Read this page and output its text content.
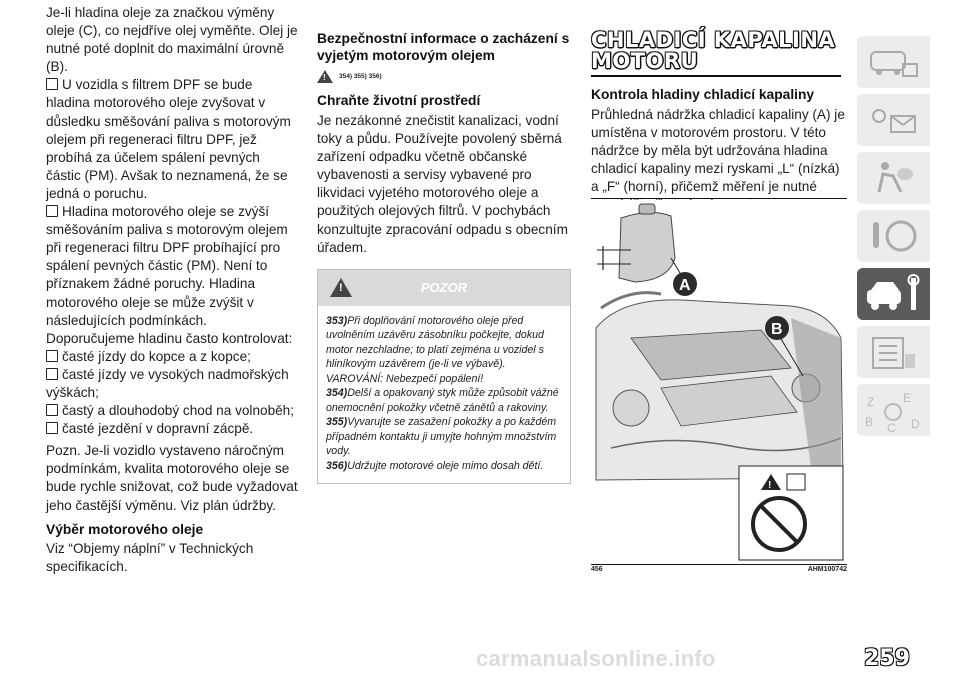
Je-li hladina oleje za značkou výměny oleje (C), co nejdříve olej vyměňte. Olej je nutné poté doplnit do maximální úrovně (B).

U vozidla s filtrem DPF se bude hladina motorového oleje zvyšovat v důsledku směšování paliva s motorovým olejem při regeneraci filtru DPF, jež probíhá za účelem spálení pevných částic (PM). Avšak to neznamená, že se jedná o poruchu.

Hladina motorového oleje se zvýší směšováním paliva s motorovým olejem při regeneraci filtru DPF probíhající pro spálení pevných částic (PM). Není to příznakem žádné poruchy. Hladina motorového oleje se může zvýšit v následujících podmínkách.

Doporučujeme hladinu často kontrolovat:

časté jízdy do kopce a z kopce;

časté jízdy ve vysokých nadmořských výškách;

častý a dlouhodobý chod na volnoběh;

časté jezdění v dopravní zácpě.

Pozn. Je-li vozidlo vystaveno náročným podmínkám, kvalita motorového oleje se bude rychle snižovat, což bude vyžadovat jeho častější výměnu. Viz plán údržby.

Výběr motorového oleje

Viz “Objemy náplní” v Technických specifikacích.

Bezpečnostní informace o zacházení s vyjetým motorovým olejem

! 354) 355) 356)

Chraňte životní prostředí

Je nezákonné znečistit kanalizaci, vodní toky a půdu. Používejte povolený sběrná zařízení odpadku včetně občanské vybavenosti a servisy vybavené pro likvidaci vyjetého motorového oleje a použitých olejových filtrů. V pochybách konzultujte zpracování odpadu s obecním úřadem.

!	POZOR

353)Při doplňování motorového oleje před uvolněním uzávěru zásobníku počkejte, dokud motor nezchladne; to platí zejména u vozidel s hliníkovým uzávěrem (je-li ve výbavě). VAROVÁNÍ: Nebezpečí popálení!

354)Delší a opakovaný styk může způsobit vážné onemocnění pokožky včetně zánětů a rakoviny.

355)Vyvarujte se zasažení pokožky a po každém případném kontaktu ji umyjte hohným množstvím vody.

356)Udržujte motorové oleje mimo dosah dětí.

CHLADICÍ KAPALINA
MOTORU

Kontrola hladiny chladicí kapaliny

Průhledná nádržka chladicí kapaliny (A) je umístěna v motorovém prostoru. V této nádržce by měla být udržována hladina chladicí kapaliny mezi ryskami „L“ (nízká) a „F“ (horní), přičemž měření je nutné

!
A
B
456	AHM100742
Z E
B C D
carmanualsonline.info	259
